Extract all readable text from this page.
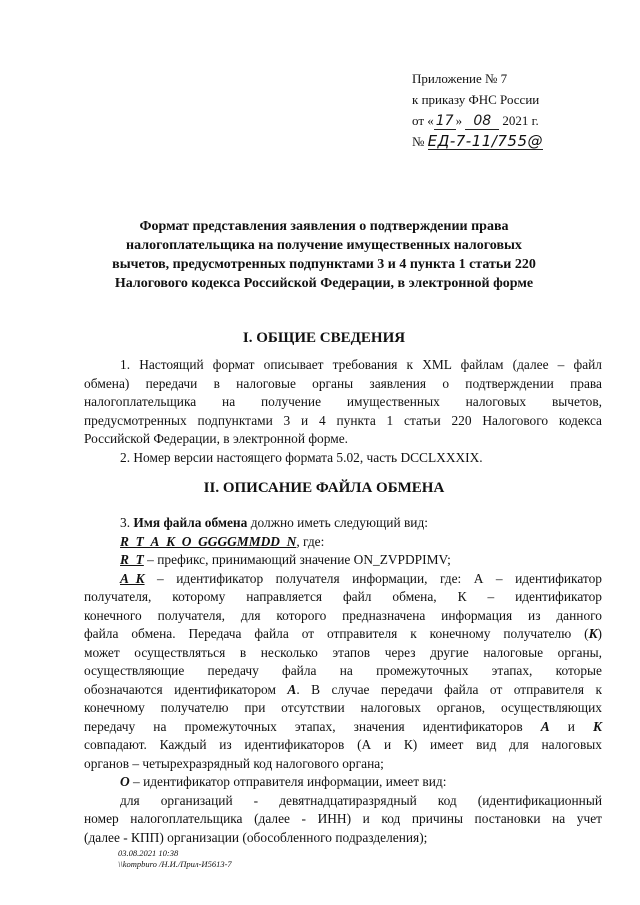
Приложение № 7
к приказу ФНС России
от « 17 » 08 2021 г.
№ ЕД-7-11/755@
Формат представления заявления о подтверждении права
налогоплательщика на получение имущественных налоговых
вычетов, предусмотренных подпунктами 3 и 4 пункта 1 статьи 220
Налогового кодекса Российской Федерации, в электронной форме
I. ОБЩИЕ СВЕДЕНИЯ
1. Настоящий формат описывает требования к XML файлам (далее – файл
обмена) передачи в налоговые органы заявления о подтверждении права
налогоплательщика на получение имущественных налоговых вычетов,
предусмотренных подпунктами 3 и 4 пункта 1 статьи 220 Налогового кодекса
Российской Федерации, в электронной форме.
2. Номер версии настоящего формата 5.02, часть DCCLXXXIX.
II. ОПИСАНИЕ ФАЙЛА ОБМЕНА
3. Имя файла обмена должно иметь следующий вид:
R_T_A_K_O_GGGGMMDD_N, где:
R_T – префикс, принимающий значение ON_ZVPDPIMV;
A_K – идентификатор получателя информации, где: А – идентификатор
получателя, которому направляется файл обмена, К – идентификатор
конечного получателя, для которого предназначена информация из данного
файла обмена. Передача файла от отправителя к конечному получателю (K)
может осуществляться в несколько этапов через другие налоговые органы,
осуществляющие передачу файла на промежуточных этапах, которые
обозначаются идентификатором A. В случае передачи файла от отправителя к
конечному получателю при отсутствии налоговых органов, осуществляющих
передачу на промежуточных этапах, значения идентификаторов A и K
совпадают. Каждый из идентификаторов (А и К) имеет вид для налоговых
органов – четырехразрядный код налогового органа;
O – идентификатор отправителя информации, имеет вид:
для организаций - девятнадцатиразрядный код (идентификационный
номер налогоплательщика (далее - ИНН) и код причины постановки на учет
(далее - КПП) организации (обособленного подразделения);
03.08.2021 10:38
\\kompburo /Н.И./Прил-И5613-7
